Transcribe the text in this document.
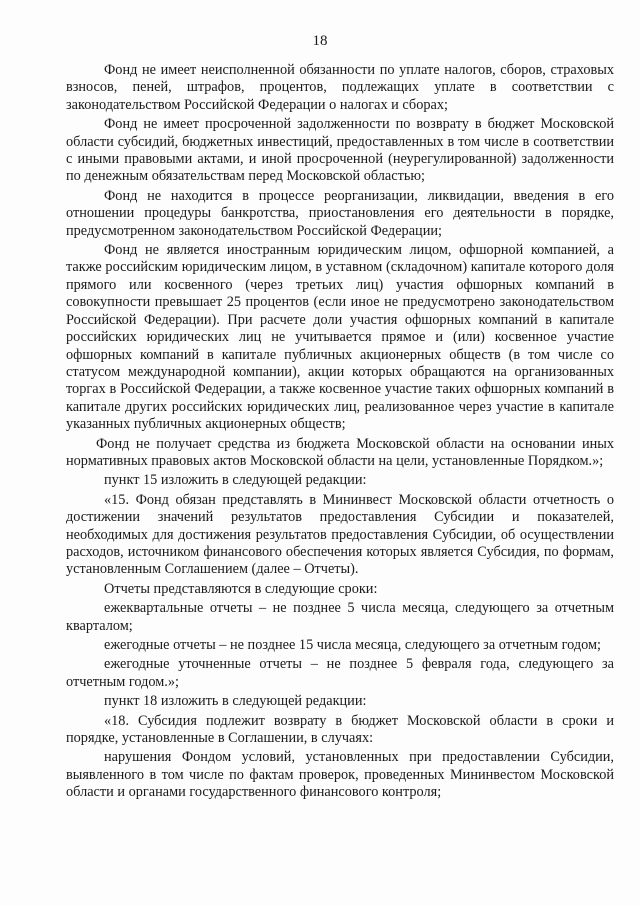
18

Фонд не имеет неисполненной обязанности по уплате налогов, сборов, страховых взносов, пеней, штрафов, процентов, подлежащих уплате в соответствии с законодательством Российской Федерации о налогах и сборах;

Фонд не имеет просроченной задолженности по возврату в бюджет Московской области субсидий, бюджетных инвестиций, предоставленных в том числе в соответствии с иными правовыми актами, и иной просроченной (неурегулированной) задолженности по денежным обязательствам перед Московской областью;

Фонд не находится в процессе реорганизации, ликвидации, введения в его отношении процедуры банкротства, приостановления его деятельности в порядке, предусмотренном законодательством Российской Федерации;

Фонд не является иностранным юридическим лицом, офшорной компанией, а также российским юридическим лицом, в уставном (складочном) капитале которого доля прямого или косвенного (через третьих лиц) участия офшорных компаний в совокупности превышает 25 процентов (если иное не предусмотрено законодательством Российской Федерации). При расчете доли участия офшорных компаний в капитале российских юридических лиц не учитывается прямое и (или) косвенное участие офшорных компаний в капитале публичных акционерных обществ (в том числе со статусом международной компании), акции которых обращаются на организованных торгах в Российской Федерации, а также косвенное участие таких офшорных компаний в капитале других российских юридических лиц, реализованное через участие в капитале указанных публичных акционерных обществ;

Фонд не получает средства из бюджета Московской области на основании иных нормативных правовых актов Московской области на цели, установленные Порядком.»;

пункт 15 изложить в следующей редакции:

«15. Фонд обязан представлять в Мининвест Московской области отчетность о достижении значений результатов предоставления Субсидии и показателей, необходимых для достижения результатов предоставления Субсидии, об осуществлении расходов, источником финансового обеспечения которых является Субсидия, по формам, установленным Соглашением (далее – Отчеты).

Отчеты представляются в следующие сроки:

ежеквартальные отчеты – не позднее 5 числа месяца, следующего за отчетным кварталом;

ежегодные отчеты – не позднее 15 числа месяца, следующего за отчетным годом;

ежегодные уточненные отчеты – не позднее 5 февраля года, следующего за отчетным годом.»;

пункт 18 изложить в следующей редакции:

«18. Субсидия подлежит возврату в бюджет Московской области в сроки и порядке, установленные в Соглашении, в случаях:

нарушения Фондом условий, установленных при предоставлении Субсидии, выявленного в том числе по фактам проверок, проведенных Мининвестом Московской области и органами государственного финансового контроля;
